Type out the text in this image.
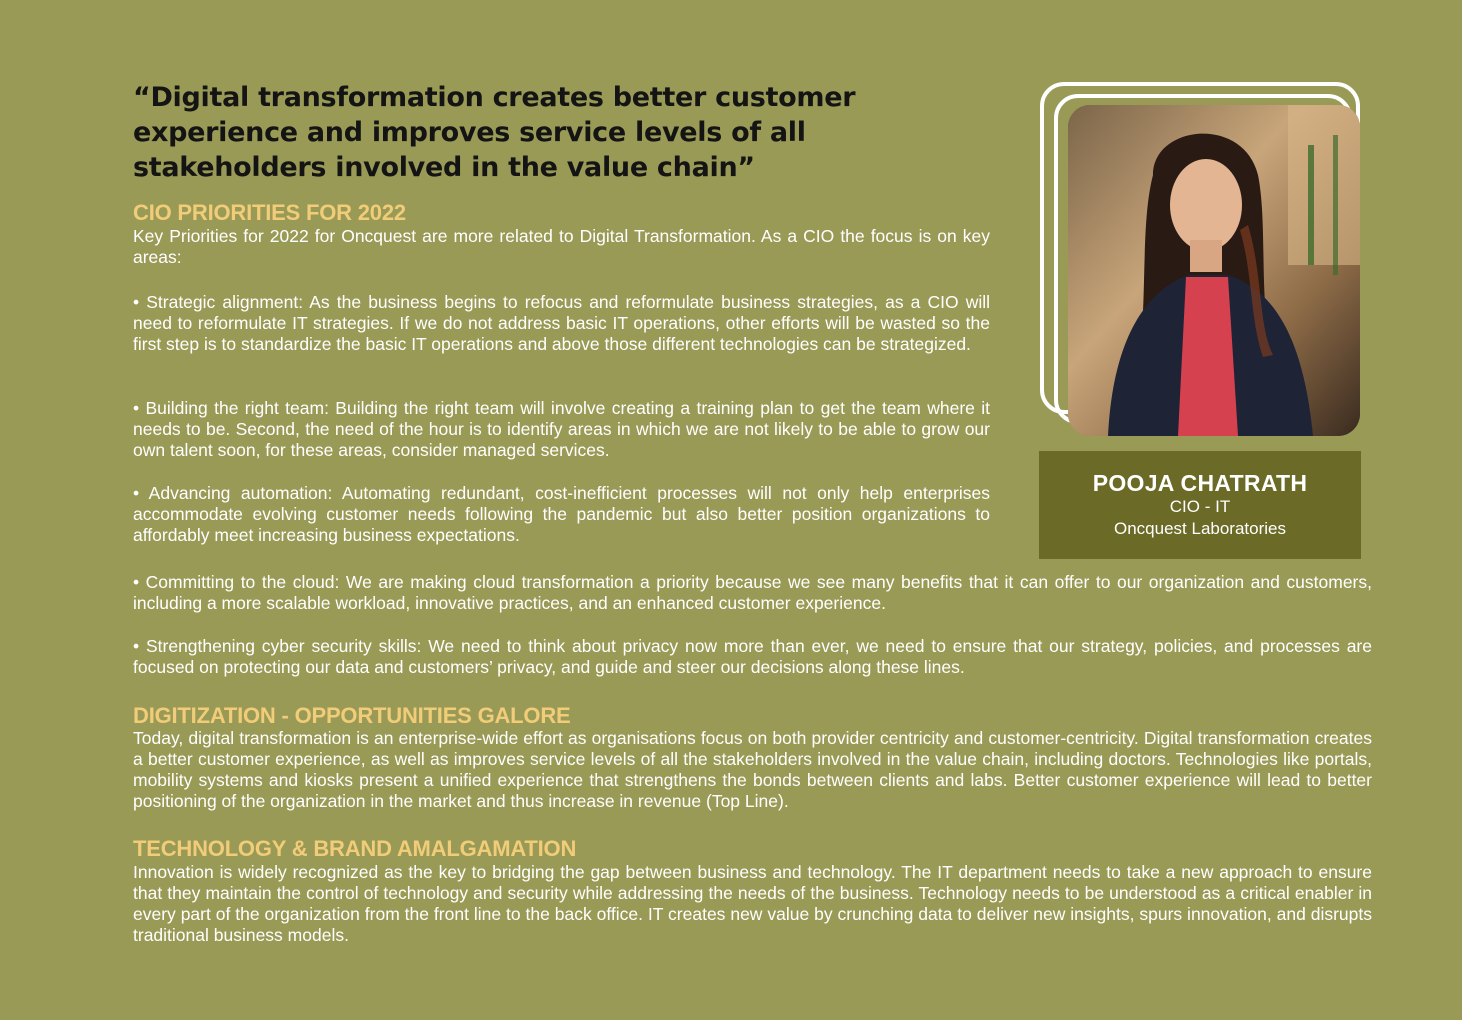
“Digital transformation creates better customer experience and improves service levels of all stakeholders involved in the value chain”

CIO PRIORITIES FOR 2022

Key Priorities for 2022 for Oncquest are more related to Digital Transformation. As a CIO the focus is on key areas:

• Strategic alignment: As the business begins to refocus and reformulate business strategies, as a CIO will need to reformulate IT strategies. If we do not address basic IT operations, other efforts will be wasted so the first step is to standardize the basic IT operations and above those different technologies can be strategized.

• Building the right team: Building the right team will involve creating a training plan to get the team where it needs to be. Second, the need of the hour is to identify areas in which we are not likely to be able to grow our own talent soon, for these areas, consider managed services.

• Advancing automation: Automating redundant, cost-inefficient processes will not only help enterprises accommodate evolving customer needs following the pandemic but also better position organizations to affordably meet increasing business expectations.

• Committing to the cloud: We are making cloud transformation a priority because we see many benefits that it can offer to our organization and customers, including a more scalable workload, innovative practices, and an enhanced customer experience.

• Strengthening cyber security skills: We need to think about privacy now more than ever, we need to ensure that our strategy, policies, and processes are focused on protecting our data and customers’ privacy, and guide and steer our decisions along these lines.

DIGITIZATION - OPPORTUNITIES GALORE

Today, digital transformation is an enterprise-wide effort as organisations focus on both provider centricity and customer-centricity. Digital transformation creates a better customer experience, as well as improves service levels of all the stakeholders involved in the value chain, including doctors. Technologies like portals, mobility systems and kiosks present a unified experience that strengthens the bonds between clients and labs. Better customer experience will lead to better positioning of the organization in the market and thus increase in revenue (Top Line).

TECHNOLOGY & BRAND AMALGAMATION

Innovation is widely recognized as the key to bridging the gap between business and technology. The IT department needs to take a new approach to ensure that they maintain the control of technology and security while addressing the needs of the business. Technology needs to be understood as a critical enabler in every part of the organization from the front line to the back office. IT creates new value by crunching data to deliver new insights, spurs innovation, and disrupts traditional business models.

POOJA CHATRATH
CIO - IT
Oncquest Laboratories
